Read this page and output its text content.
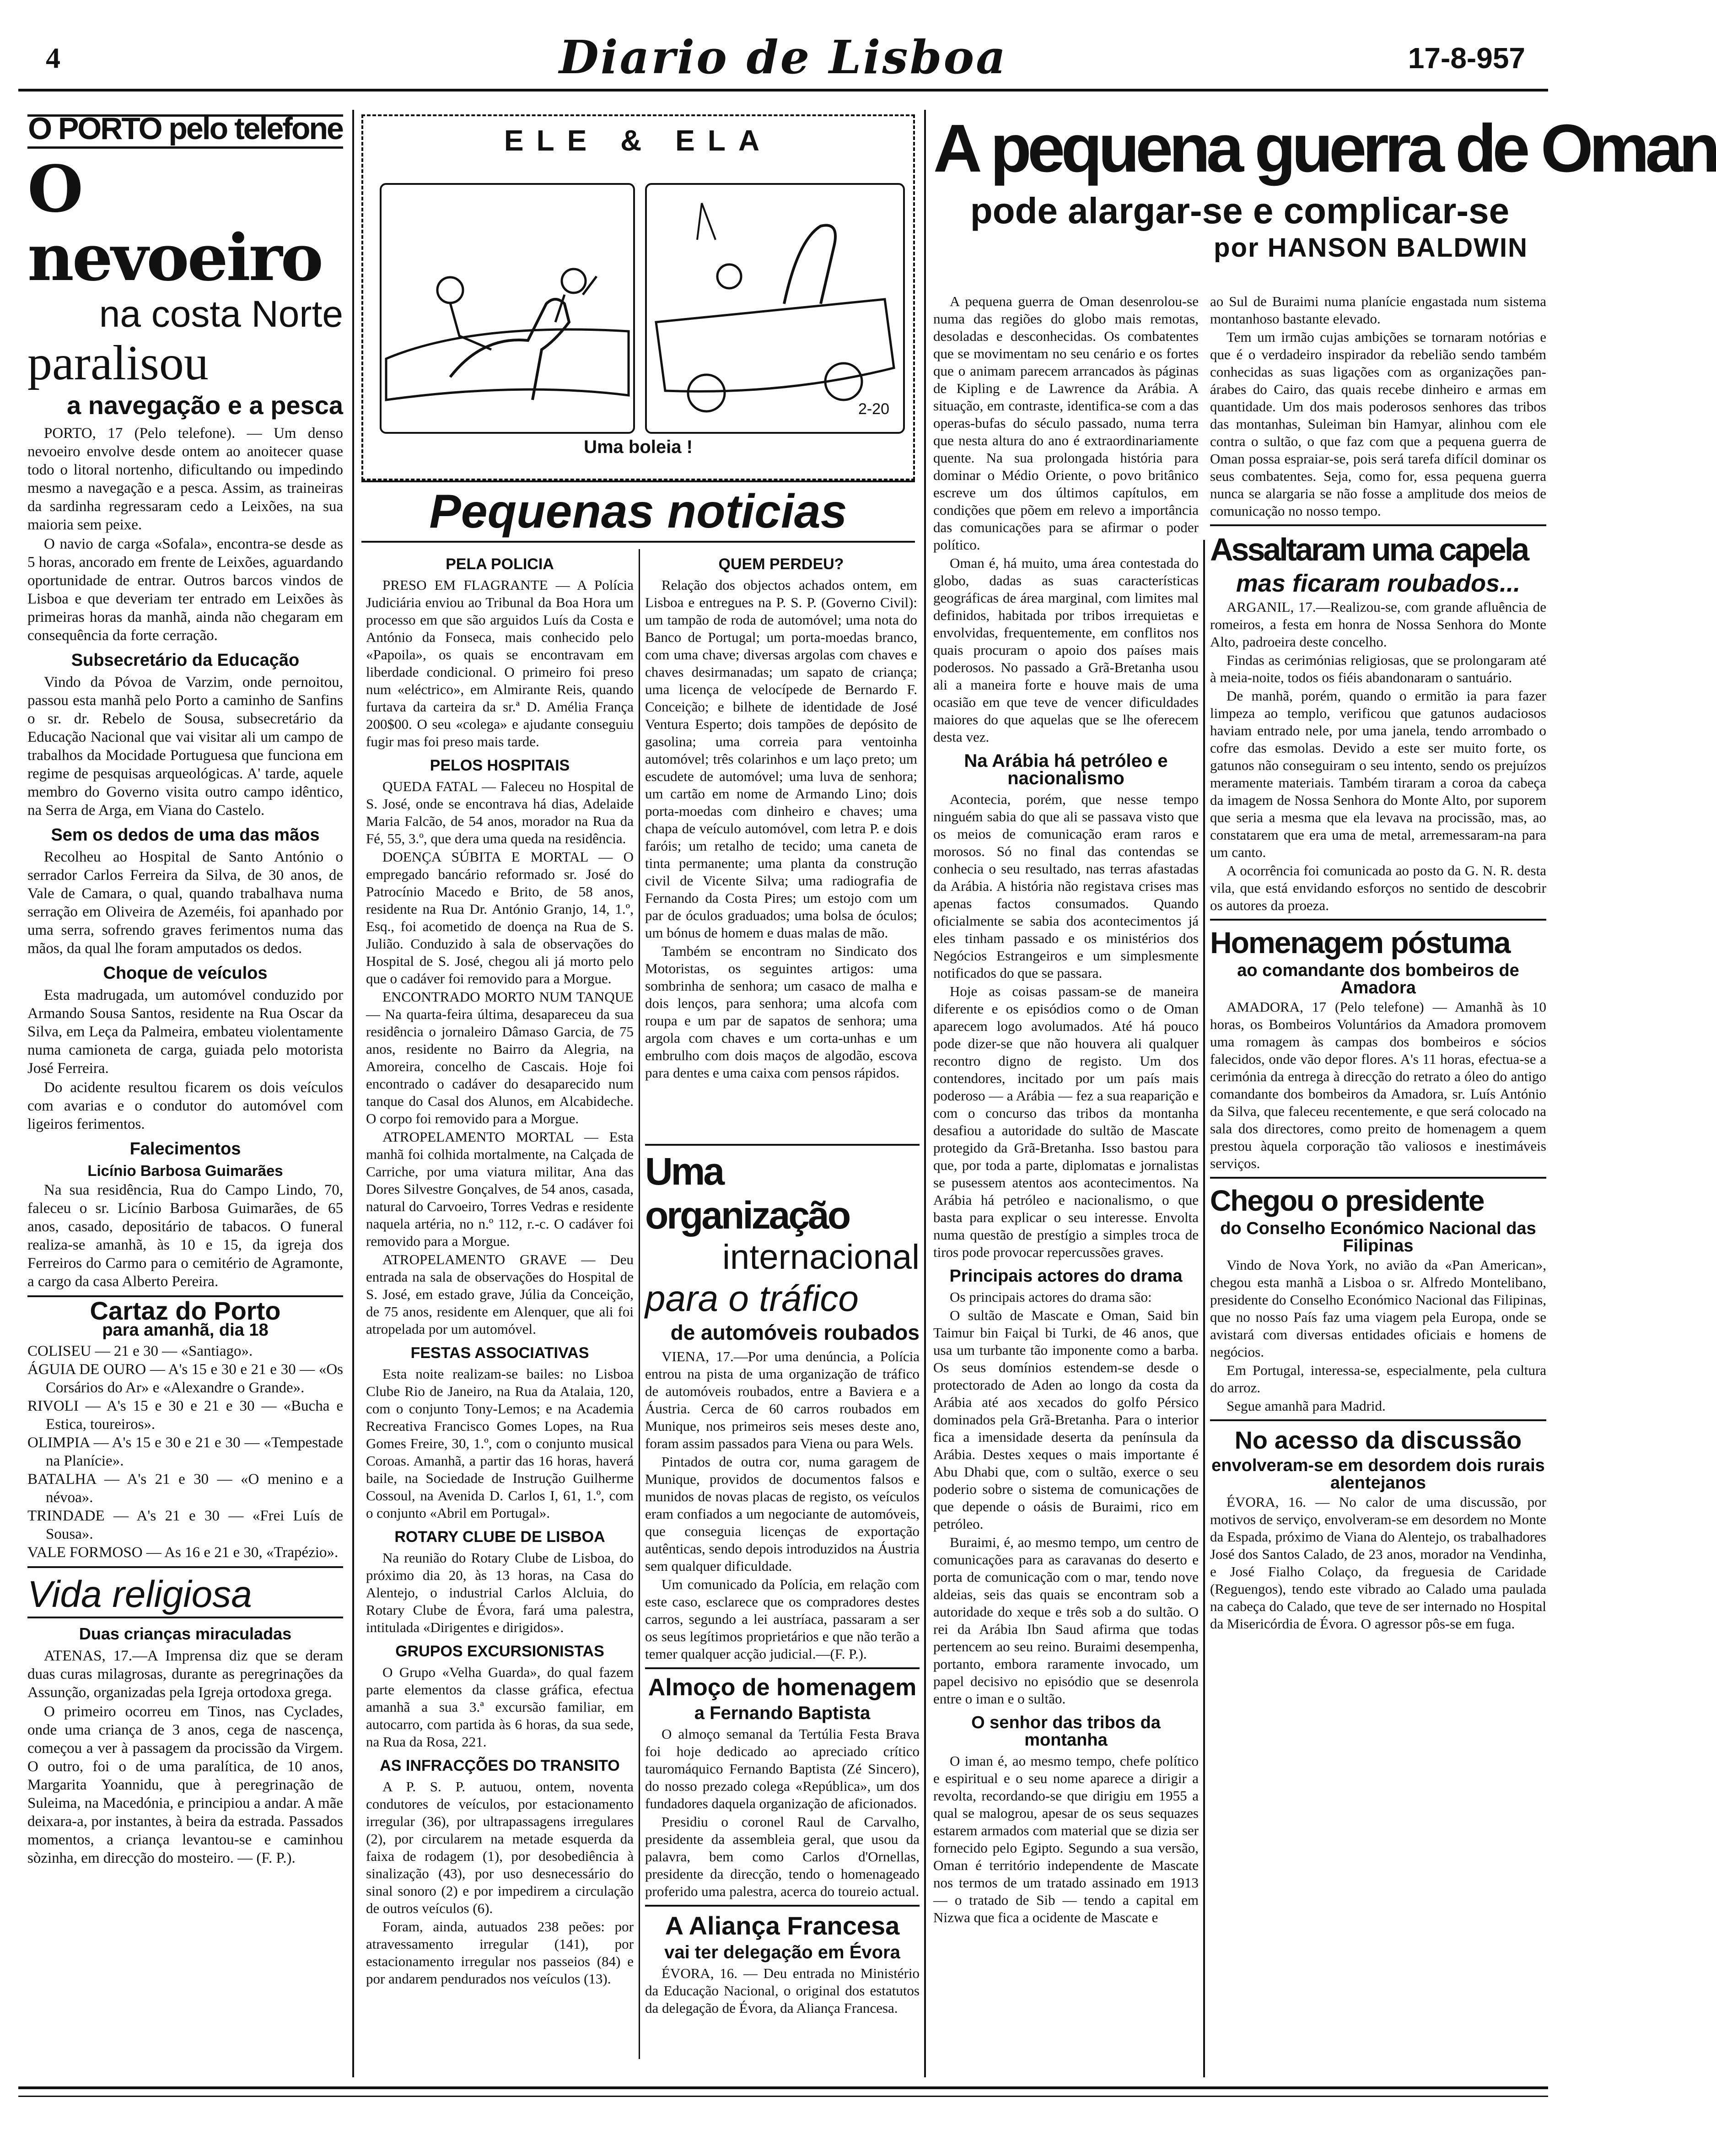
4	Diario de Lisboa	17-8-957
O PORTO pelo telefone
O nevoeiro
na costa Norte
paralisou
a navegação e a pesca

PORTO, 17 (Pelo telefone). — Um denso nevoeiro envolve desde ontem ao anoitecer quase todo o litoral nortenho, dificultando ou impedindo mesmo a navegação e a pesca. Assim, as traineiras da sardinha regressaram cedo a Leixões, na sua maioria sem peixe.

O navio de carga «Sofala», encontra-se desde as 5 horas, ancorado em frente de Leixões, aguardando oportunidade de entrar. Outros barcos vindos de Lisboa e que deveriam ter entrado em Leixões às primeiras horas da manhã, ainda não chegaram em consequência da forte cerração.

Subsecretário da Educação

Vindo da Póvoa de Varzim, onde pernoitou, passou esta manhã pelo Porto a caminho de Sanfins o sr. dr. Rebelo de Sousa, subsecretário da Educação Nacional que vai visitar ali um campo de trabalhos da Mocidade Portuguesa que funciona em regime de pesquisas arqueológicas. A' tarde, aquele membro do Governo visita outro campo idêntico, na Serra de Arga, em Viana do Castelo.

Sem os dedos de uma das mãos

Recolheu ao Hospital de Santo António o serrador Carlos Ferreira da Silva, de 30 anos, de Vale de Camara, o qual, quando trabalhava numa serração em Oliveira de Azeméis, foi apanhado por uma serra, sofrendo graves ferimentos numa das mãos, da qual lhe foram amputados os dedos.

Choque de veículos

Esta madrugada, um automóvel conduzido por Armando Sousa Santos, residente na Rua Oscar da Silva, em Leça da Palmeira, embateu violentamente numa camioneta de carga, guiada pelo motorista José Ferreira.

Do acidente resultou ficarem os dois veículos com avarias e o condutor do automóvel com ligeiros ferimentos.

Falecimentos
Licínio Barbosa Guimarães

Na sua residência, Rua do Campo Lindo, 70, faleceu o sr. Licínio Barbosa Guimarães, de 65 anos, casado, depositário de tabacos. O funeral realiza-se amanhã, às 10 e 15, da igreja dos Ferreiros do Carmo para o cemitério de Agramonte, a cargo da casa Alberto Pereira.

Cartaz do Porto
para amanhã, dia 18

COLISEU — 21 e 30 — «Santiago».

ÁGUIA DE OURO — A's 15 e 30 e 21 e 30 — «Os Corsários do Ar» e «Alexandre o Grande».

RIVOLI — A's 15 e 30 e 21 e 30 — «Bucha e Estica, toureiros».

OLIMPIA — A's 15 e 30 e 21 e 30 — «Tempestade na Planície».

BATALHA — A's 21 e 30 — «O menino e a névoa».

TRINDADE — A's 21 e 30 — «Frei Luís de Sousa».

VALE FORMOSO — As 16 e 21 e 30, «Trapézio».

Vida religiosa
Duas crianças miraculadas

ATENAS, 17.—A Imprensa diz que se deram duas curas milagrosas, durante as peregrinações da Assunção, organizadas pela Igreja ortodoxa grega.

O primeiro ocorreu em Tinos, nas Cyclades, onde uma criança de 3 anos, cega de nascença, começou a ver à passagem da procissão da Virgem. O outro, foi o de uma paralítica, de 10 anos, Margarita Yoannidu, que à peregrinação de Suleima, na Macedónia, e principiou a andar. A mãe deixara-a, por instantes, à beira da estrada. Passados momentos, a criança levantou-se e caminhou sòzinha, em direcção do mosteiro. — (F. P.).

ELE & ELA
2-20
Uma boleia !
Pequenas noticias
PELA POLICIA

PRESO EM FLAGRANTE — A Polícia Judiciária enviou ao Tribunal da Boa Hora um processo em que são arguidos Luís da Costa e António da Fonseca, mais conhecido pelo «Papoila», os quais se encontravam em liberdade condicional. O primeiro foi preso num «eléctrico», em Almirante Reis, quando furtava da carteira da sr.ª D. Amélia França 200$00. O seu «colega» e ajudante conseguiu fugir mas foi preso mais tarde.

PELOS HOSPITAIS

QUEDA FATAL — Faleceu no Hospital de S. José, onde se encontrava há dias, Adelaide Maria Falcão, de 54 anos, morador na Rua da Fé, 55, 3.º, que dera uma queda na residência.

DOENÇA SÚBITA E MORTAL — O empregado bancário reformado sr. José do Patrocínio Macedo e Brito, de 58 anos, residente na Rua Dr. António Granjo, 14, 1.º, Esq., foi acometido de doença na Rua de S. Julião. Conduzido à sala de observações do Hospital de S. José, chegou ali já morto pelo que o cadáver foi removido para a Morgue.

ENCONTRADO MORTO NUM TANQUE — Na quarta-feira última, desapareceu da sua residência o jornaleiro Dâmaso Garcia, de 75 anos, residente no Bairro da Alegria, na Amoreira, concelho de Cascais. Hoje foi encontrado o cadáver do desaparecido num tanque do Casal dos Alunos, em Alcabideche. O corpo foi removido para a Morgue.

ATROPELAMENTO MORTAL — Esta manhã foi colhida mortalmente, na Calçada de Carriche, por uma viatura militar, Ana das Dores Silvestre Gonçalves, de 54 anos, casada, natural do Carvoeiro, Torres Vedras e residente naquela artéria, no n.º 112, r.-c. O cadáver foi removido para a Morgue.

ATROPELAMENTO GRAVE — Deu entrada na sala de observações do Hospital de S. José, em estado grave, Júlia da Conceição, de 75 anos, residente em Alenquer, que ali foi atropelada por um automóvel.

FESTAS ASSOCIATIVAS

Esta noite realizam-se bailes: no Lisboa Clube Rio de Janeiro, na Rua da Atalaia, 120, com o conjunto Tony-Lemos; e na Academia Recreativa Francisco Gomes Lopes, na Rua Gomes Freire, 30, 1.º, com o conjunto musical Coroas. Amanhã, a partir das 16 horas, haverá baile, na Sociedade de Instrução Guilherme Cossoul, na Avenida D. Carlos I, 61, 1.º, com o conjunto «Abril em Portugal».

ROTARY CLUBE DE LISBOA

Na reunião do Rotary Clube de Lisboa, do próximo dia 20, às 13 horas, na Casa do Alentejo, o industrial Carlos Alcluia, do Rotary Clube de Évora, fará uma palestra, intitulada «Dirigentes e dirigidos».

GRUPOS EXCURSIONISTAS

O Grupo «Velha Guarda», do qual fazem parte elementos da classe gráfica, efectua amanhã a sua 3.ª excursão familiar, em autocarro, com partida às 6 horas, da sua sede, na Rua da Rosa, 221.

AS INFRACÇÕES DO TRANSITO

A P. S. P. autuou, ontem, noventa condutores de veículos, por estacionamento irregular (36), por ultrapassagens irregulares (2), por circularem na metade esquerda da faixa de rodagem (1), por desobediência à sinalização (43), por uso desnecessário do sinal sonoro (2) e por impedirem a circulação de outros veículos (6).

Foram, ainda, autuados 238 peões: por atravessamento irregular (141), por estacionamento irregular nos passeios (84) e por andarem pendurados nos veículos (13).

QUEM PERDEU?

Relação dos objectos achados ontem, em Lisboa e entregues na P. S. P. (Governo Civil): um tampão de roda de automóvel; uma nota do Banco de Portugal; um porta-moedas branco, com uma chave; diversas argolas com chaves e chaves desirmanadas; um sapato de criança; uma licença de velocípede de Bernardo F. Conceição; e bilhete de identidade de José Ventura Esperto; dois tampões de depósito de gasolina; uma correia para ventoinha automóvel; três colarinhos e um laço preto; um escudete de automóvel; uma luva de senhora; um cartão em nome de Armando Lino; dois porta-moedas com dinheiro e chaves; uma chapa de veículo automóvel, com letra P. e dois faróis; um retalho de tecido; uma caneta de tinta permanente; uma planta da construção civil de Vicente Silva; uma radiografia de Fernando da Costa Pires; um estojo com um par de óculos graduados; uma bolsa de óculos; um bónus de homem e duas malas de mão.

Também se encontram no Sindicato dos Motoristas, os seguintes artigos: uma sombrinha de senhora; um casaco de malha e dois lenços, para senhora; uma alcofa com roupa e um par de sapatos de senhora; uma argola com chaves e um corta-unhas e um embrulho com dois maços de algodão, escova para dentes e uma caixa com pensos rápidos.

Uma organização
internacional
para o tráfico
de automóveis roubados

VIENA, 17.—Por uma denúncia, a Polícia entrou na pista de uma organização de tráfico de automóveis roubados, entre a Baviera e a Áustria. Cerca de 60 carros roubados em Munique, nos primeiros seis meses deste ano, foram assim passados para Viena ou para Wels.

Pintados de outra cor, numa garagem de Munique, providos de documentos falsos e munidos de novas placas de registo, os veículos eram confiados a um negociante de automóveis, que conseguia licenças de exportação autênticas, sendo depois introduzidos na Áustria sem qualquer dificuldade.

Um comunicado da Polícia, em relação com este caso, esclarece que os compradores destes carros, segundo a lei austríaca, passaram a ser os seus legítimos proprietários e que não terão a temer qualquer acção judicial.—(F. P.).

Almoço de homenagem
a Fernando Baptista

O almoço semanal da Tertúlia Festa Brava foi hoje dedicado ao apreciado crítico tauromáquico Fernando Baptista (Zé Sincero), do nosso prezado colega «República», um dos fundadores daquela organização de aficionados.

Presidiu o coronel Raul de Carvalho, presidente da assembleia geral, que usou da palavra, bem como Carlos d'Ornellas, presidente da direcção, tendo o homenageado proferido uma palestra, acerca do toureio actual.

A Aliança Francesa
vai ter delegação em Évora

ÉVORA, 16. — Deu entrada no Ministério da Educação Nacional, o original dos estatutos da delegação de Évora, da Aliança Francesa.

A pequena guerra de Oman
pode alargar-se e complicar-se
por HANSON BALDWIN

A pequena guerra de Oman desenrolou-se numa das regiões do globo mais remotas, desoladas e desconhecidas. Os combatentes que se movimentam no seu cenário e os fortes que o animam parecem arrancados às páginas de Kipling e de Lawrence da Arábia. A situação, em contraste, identifica-se com a das operas-bufas do século passado, numa terra que nesta altura do ano é extraordinariamente quente. Na sua prolongada história para dominar o Médio Oriente, o povo britânico escreve um dos últimos capítulos, em condições que põem em relevo a importância das comunicações para se afirmar o poder político.

Oman é, há muito, uma área contestada do globo, dadas as suas características geográficas de área marginal, com limites mal definidos, habitada por tribos irrequietas e envolvidas, frequentemente, em conflitos nos quais procuram o apoio dos países mais poderosos. No passado a Grã-Bretanha usou ali a maneira forte e houve mais de uma ocasião em que teve de vencer dificuldades maiores do que aquelas que se lhe oferecem desta vez.

Na Arábia há petróleo e nacionalismo

Acontecia, porém, que nesse tempo ninguém sabia do que ali se passava visto que os meios de comunicação eram raros e morosos. Só no final das contendas se conhecia o seu resultado, nas terras afastadas da Arábia. A história não registava crises mas apenas factos consumados. Quando oficialmente se sabia dos acontecimentos já eles tinham passado e os ministérios dos Negócios Estrangeiros e um simplesmente notificados do que se passara.

Hoje as coisas passam-se de maneira diferente e os episódios como o de Oman aparecem logo avolumados. Até há pouco pode dizer-se que não houvera ali qualquer recontro digno de registo. Um dos contendores, incitado por um país mais poderoso — a Arábia — fez a sua reaparição e com o concurso das tribos da montanha desafiou a autoridade do sultão de Mascate protegido da Grã-Bretanha. Isso bastou para que, por toda a parte, diplomatas e jornalistas se pusessem atentos aos acontecimentos. Na Arábia há petróleo e nacionalismo, o que basta para explicar o seu interesse. Envolta numa questão de prestígio a simples troca de tiros pode provocar repercussões graves.

Principais actores do drama

Os principais actores do drama são:

O sultão de Mascate e Oman, Said bin Taimur bin Faiçal bi Turki, de 46 anos, que usa um turbante tão imponente como a barba. Os seus domínios estendem-se desde o protectorado de Aden ao longo da costa da Arábia até aos xecados do golfo Pérsico dominados pela Grã-Bretanha. Para o interior fica a imensidade deserta da península da Arábia. Destes xeques o mais importante é Abu Dhabi que, com o sultão, exerce o seu poderio sobre o sistema de comunicações de que depende o oásis de Buraimi, rico em petróleo.

Buraimi, é, ao mesmo tempo, um centro de comunicações para as caravanas do deserto e porta de comunicação com o mar, tendo nove aldeias, seis das quais se encontram sob a autoridade do xeque e três sob a do sultão. O rei da Arábia Ibn Saud afirma que todas pertencem ao seu reino. Buraimi desempenha, portanto, embora raramente invocado, um papel decisivo no episódio que se desenrola entre o iman e o sultão.

O senhor das tribos da montanha

O iman é, ao mesmo tempo, chefe político e espiritual e o seu nome aparece a dirigir a revolta, recordando-se que dirigiu em 1955 a qual se malogrou, apesar de os seus sequazes estarem armados com material que se dizia ser fornecido pelo Egipto. Segundo a sua versão, Oman é território independente de Mascate nos termos de um tratado assinado em 1913 — o tratado de Sib — tendo a capital em Nizwa que fica a ocidente de Mascate e

ao Sul de Buraimi numa planície engastada num sistema montanhoso bastante elevado.

Tem um irmão cujas ambições se tornaram notórias e que é o verdadeiro inspirador da rebelião sendo também conhecidas as suas ligações com as organizações pan-árabes do Cairo, das quais recebe dinheiro e armas em quantidade. Um dos mais poderosos senhores das tribos das montanhas, Suleiman bin Hamyar, alinhou com ele contra o sultão, o que faz com que a pequena guerra de Oman possa espraiar-se, pois será tarefa difícil dominar os seus combatentes. Seja, como for, essa pequena guerra nunca se alargaria se não fosse a amplitude dos meios de comunicação no nosso tempo.

Assaltaram uma capela
mas ficaram roubados...

ARGANIL, 17.—Realizou-se, com grande afluência de romeiros, a festa em honra de Nossa Senhora do Monte Alto, padroeira deste concelho.

Findas as cerimónias religiosas, que se prolongaram até à meia-noite, todos os fiéis abandonaram o santuário.

De manhã, porém, quando o ermitão ia para fazer limpeza ao templo, verificou que gatunos audaciosos haviam entrado nele, por uma janela, tendo arrombado o cofre das esmolas. Devido a este ser muito forte, os gatunos não conseguiram o seu intento, sendo os prejuízos meramente materiais. Também tiraram a coroa da cabeça da imagem de Nossa Senhora do Monte Alto, por suporem que seria a mesma que ela levava na procissão, mas, ao constatarem que era uma de metal, arremessaram-na para um canto.

A ocorrência foi comunicada ao posto da G. N. R. desta vila, que está envidando esforços no sentido de descobrir os autores da proeza.

Homenagem póstuma
ao comandante dos bombeiros de Amadora

AMADORA, 17 (Pelo telefone) — Amanhã às 10 horas, os Bombeiros Voluntários da Amadora promovem uma romagem às campas dos bombeiros e sócios falecidos, onde vão depor flores. A's 11 horas, efectua-se a cerimónia da entrega à direcção do retrato a óleo do antigo comandante dos bombeiros da Amadora, sr. Luís António da Silva, que faleceu recentemente, e que será colocado na sala dos directores, como preito de homenagem a quem prestou àquela corporação tão valiosos e inestimáveis serviços.

Chegou o presidente
do Conselho Económico Nacional das Filipinas

Vindo de Nova York, no avião da «Pan American», chegou esta manhã a Lisboa o sr. Alfredo Montelibano, presidente do Conselho Económico Nacional das Filipinas, que no nosso País faz uma viagem pela Europa, onde se avistará com diversas entidades oficiais e homens de negócios.

Em Portugal, interessa-se, especialmente, pela cultura do arroz.

Segue amanhã para Madrid.

No acesso da discussão
envolveram-se em desordem dois rurais alentejanos

ÉVORA, 16. — No calor de uma discussão, por motivos de serviço, envolveram-se em desordem no Monte da Espada, próximo de Viana do Alentejo, os trabalhadores José dos Santos Calado, de 23 anos, morador na Vendinha, e José Fialho Colaço, da freguesia de Caridade (Reguengos), tendo este vibrado ao Calado uma paulada na cabeça do Calado, que teve de ser internado no Hospital da Misericórdia de Évora. O agressor pôs-se em fuga.
